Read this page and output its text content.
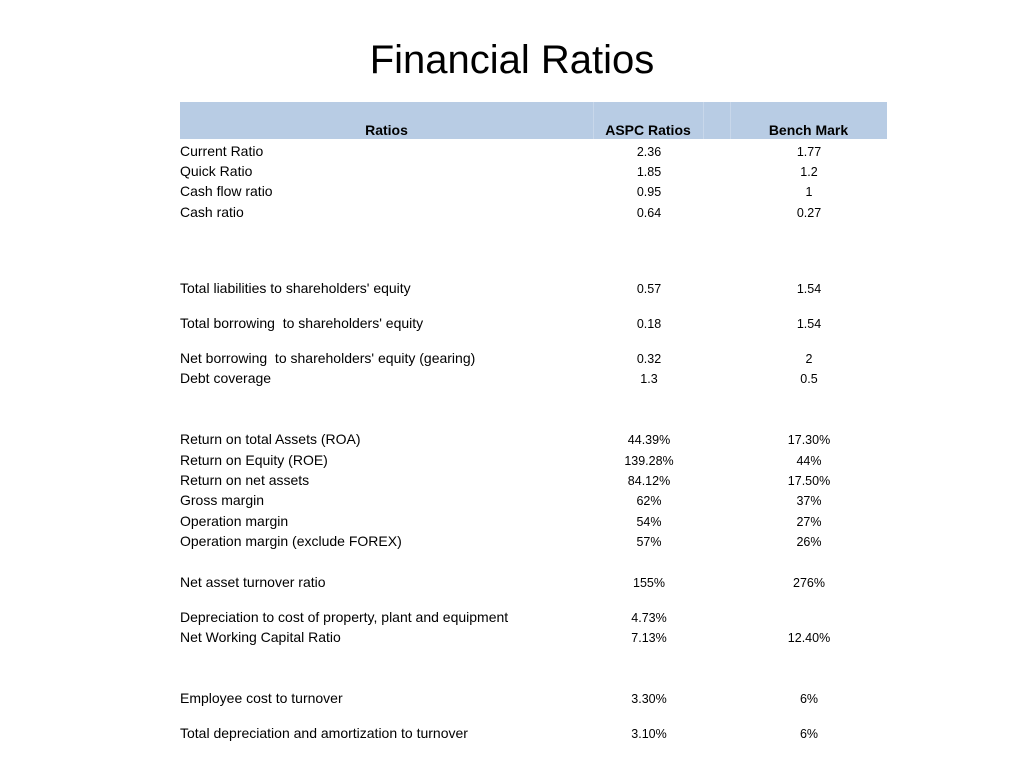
Financial Ratios
Ratios	ASPC Ratios	Bench Mark
Current Ratio	2.36	1.77
Quick Ratio	1.85	1.2
Cash flow ratio	0.95	1
Cash ratio	0.64	0.27
Total liabilities to shareholders' equity	0.57	1.54
Total borrowing  to shareholders' equity	0.18	1.54
Net borrowing  to shareholders' equity (gearing)	0.32	2
Debt coverage	1.3	0.5
Return on total Assets (ROA)	44.39%	17.30%
Return on Equity (ROE)	139.28%	44%
Return on net assets	84.12%	17.50%
Gross margin	62%	37%
Operation margin	54%	27%
Operation margin (exclude FOREX)	57%	26%
Net asset turnover ratio	155%	276%
Depreciation to cost of property, plant and equipment	4.73%
Net Working Capital Ratio	7.13%	12.40%
Employee cost to turnover	3.30%	6%
Total depreciation and amortization to turnover	3.10%	6%
